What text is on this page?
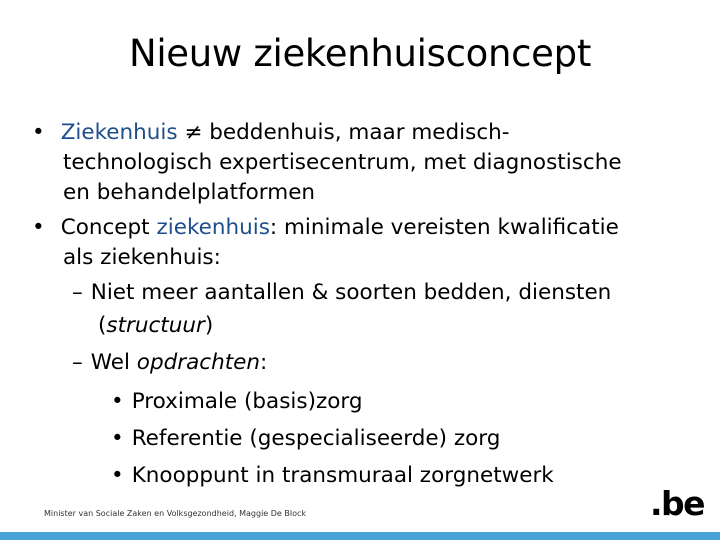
Nieuw ziekenhuisconcept
• Ziekenhuis ≠ beddenhuis, maar medisch-
technologisch expertisecentrum, met diagnostische
en behandelplatformen
• Concept ziekenhuis: minimale vereisten kwalificatie
als ziekenhuis:
– Niet meer aantallen & soorten bedden, diensten
(structuur)
– Wel opdrachten:
• Proximale (basis)zorg
• Referentie (gespecialiseerde) zorg
• Knooppunt in transmuraal zorgnetwerk
Minister van Sociale Zaken en Volksgezondheid, Maggie De Block	.be
